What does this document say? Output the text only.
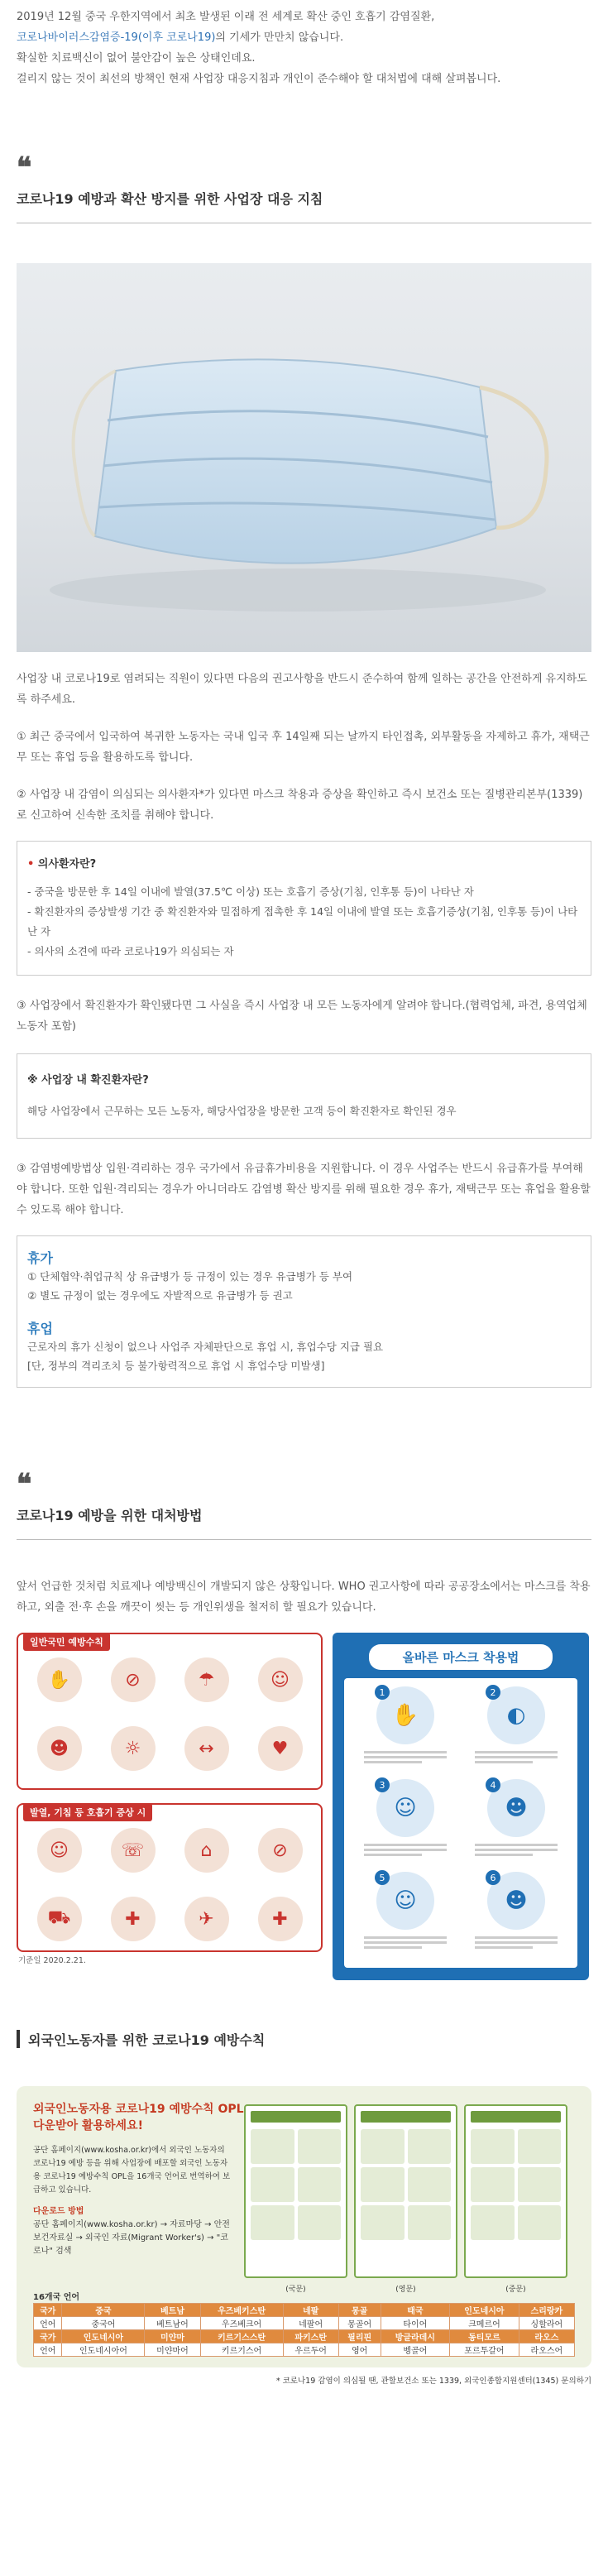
2019년 12월 중국 우한지역에서 최초 발생된 이래 전 세계로 확산 중인 호흡기 감염질환,
코로나바이러스감염증-19(이후 코로나19)의 기세가 만만치 않습니다.
확실한 치료백신이 없어 불안감이 높은 상태인데요.
걸리지 않는 것이 최선의 방책인 현재 사업장 대응지침과 개인이 준수해야 할 대처법에 대해 살펴봅니다.
❝
코로나19 예방과 확산 방지를 위한 사업장 대응 지침

사업장 내 코로나19로 염려되는 직원이 있다면 다음의 권고사항을 반드시 준수하여 함께 일하는 공간을 안전하게 유지하도록 하주세요.

① 최근 중국에서 입국하여 복귀한 노동자는 국내 입국 후 14일째 되는 날까지 타인접촉, 외부활동을 자제하고 휴가, 재택근무 또는 휴업 등을 활용하도록 합니다.

② 사업장 내 감염이 의심되는 의사환자*가 있다면 마스크 착용과 증상을 확인하고 즉시 보건소 또는 질병관리본부(1339)로 신고하여 신속한 조치를 취해야 합니다.

• 의사환자란?
- 중국을 방문한 후 14일 이내에 발열(37.5℃ 이상) 또는 호흡기 증상(기침, 인후통 등)이 나타난 자
- 확진환자의 증상발생 기간 중 확진환자와 밀접하게 접촉한 후 14일 이내에 발열 또는 호흡기증상(기침, 인후통 등)이 나타난 자
- 의사의 소견에 따라 코로나19가 의심되는 자

③ 사업장에서 확진환자가 확인됐다면 그 사실을 즉시 사업장 내 모든 노동자에게 알려야 합니다.(협력업체, 파견, 용역업체 노동자 포함)

※ 사업장 내 확진환자란?
해당 사업장에서 근무하는 모든 노동자, 해당사업장을 방문한 고객 등이 확진환자로 확인된 경우

③ 감염병예방법상 입원·격리하는 경우 국가에서 유급휴가비용을 지원합니다. 이 경우 사업주는 반드시 유급휴가를 부여해야 합니다. 또한 입원·격리되는 경우가 아니더라도 감염병 확산 방지를 위해 필요한 경우 휴가, 재택근무 또는 휴업을 활용할 수 있도록 해야 합니다.

휴가
① 단체협약·취업규칙 상 유급병가 등 규정이 있는 경우 유급병가 등 부여
② 별도 규정이 없는 경우에도 자발적으로 유급병가 등 권고
휴업
근로자의 휴가 신청이 없으나 사업주 자체판단으로 휴업 시, 휴업수당 지급 필요
[단, 정부의 격리조치 등 불가항력적으로 휴업 시 휴업수당 미발생]
❝
코로나19 예방을 위한 대처방법

앞서 언급한 것처럼 치료제나 예방백신이 개발되지 않은 상황입니다. WHO 권고사항에 따라 공공장소에서는 마스크를 착용하고, 외출 전·후 손을 깨끗이 씻는 등 개인위생을 철저히 할 필요가 있습니다.

일반국민 예방수칙
✋	⊘	☂	☺
☻	☼	↔	♥
발열, 기침 등 호흡기 증상 시
☺	☏	⌂	⊘
⛟	✚	✈	✚
기준일 2020.2.21.
올바른 마스크 착용법
✋
1
◐
2
☺
3
☻
4
☺
5
☻
6
외국인노동자를 위한 코로나19 예방수칙
외국인노동자용 코로나19 예방수칙 OPL
다운받아 활용하세요!
공단 홈페이지(www.kosha.or.kr)에서 외국인 노동자의 코로나19 예방 등을 위해 사업장에 배포할 외국인 노동자용 코로나19 예방수칙 OPL을 16개국 언어로 번역하여 보급하고 있습니다.
다운로드 방법
공단 홈페이지(www.kosha.or.kr) → 자료마당 → 안전보건자료실 → 외국인 자료(Migrant Worker's) → "코로나" 검색
(국문)	(영문)	(중문)
16개국 언어
국가	중국	베트남	우즈베키스탄	네팔	몽골	태국	인도네시아	스리랑카
언어	중국어	베트남어	우즈베크어	네팔어	몽골어	타이어	크메르어	싱할라어
국가	인도네시아	미얀마	키르기스스탄	파키스탄	필리핀	방글라데시	동티모르	라오스
언어	인도네시아어	미얀마어	키르기스어	우르두어	영어	벵골어	포르투갈어	라오스어
* 코로나19 감염이 의심될 땐, 관할보건소 또는 1339, 외국인종합지원센터(1345) 문의하기
